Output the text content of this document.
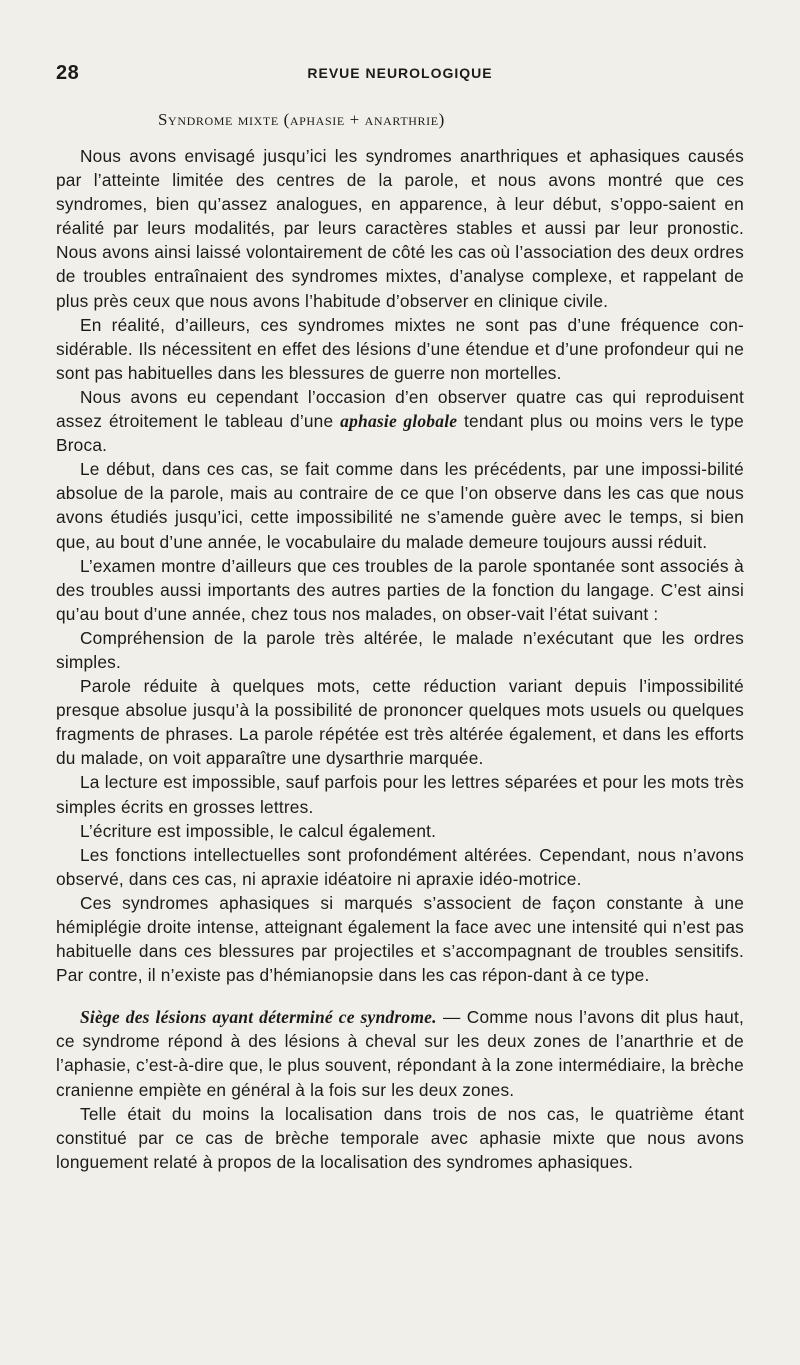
28	REVUE NEUROLOGIQUE
Syndrome mixte (aphasie + anarthrie)

Nous avons envisagé jusqu’ici les syndromes anarthriques et aphasiques causés par l’atteinte limitée des centres de la parole, et nous avons montré que ces syndromes, bien qu’assez analogues, en apparence, à leur début, s’oppo-saient en réalité par leurs modalités, par leurs caractères stables et aussi par leur pronostic. Nous avons ainsi laissé volontairement de côté les cas où l’association des deux ordres de troubles entraînaient des syndromes mixtes, d’analyse complexe, et rappelant de plus près ceux que nous avons l’habitude d’observer en clinique civile.

En réalité, d’ailleurs, ces syndromes mixtes ne sont pas d’une fréquence con-sidérable. Ils nécessitent en effet des lésions d’une étendue et d’une profondeur qui ne sont pas habituelles dans les blessures de guerre non mortelles.

Nous avons eu cependant l’occasion d’en observer quatre cas qui reproduisent assez étroitement le tableau d’une aphasie globale tendant plus ou moins vers le type Broca.

Le début, dans ces cas, se fait comme dans les précédents, par une impossi-bilité absolue de la parole, mais au contraire de ce que l’on observe dans les cas que nous avons étudiés jusqu’ici, cette impossibilité ne s’amende guère avec le temps, si bien que, au bout d’une année, le vocabulaire du malade demeure toujours aussi réduit.

L’examen montre d’ailleurs que ces troubles de la parole spontanée sont associés à des troubles aussi importants des autres parties de la fonction du langage. C’est ainsi qu’au bout d’une année, chez tous nos malades, on obser-vait l’état suivant :

Compréhension de la parole très altérée, le malade n’exécutant que les ordres simples.

Parole réduite à quelques mots, cette réduction variant depuis l’impossibilité presque absolue jusqu’à la possibilité de prononcer quelques mots usuels ou quelques fragments de phrases. La parole répétée est très altérée également, et dans les efforts du malade, on voit apparaître une dysarthrie marquée.

La lecture est impossible, sauf parfois pour les lettres séparées et pour les mots très simples écrits en grosses lettres.

L’écriture est impossible, le calcul également.

Les fonctions intellectuelles sont profondément altérées. Cependant, nous n’avons observé, dans ces cas, ni apraxie idéatoire ni apraxie idéo-motrice.

Ces syndromes aphasiques si marqués s’associent de façon constante à une hémiplégie droite intense, atteignant également la face avec une intensité qui n’est pas habituelle dans ces blessures par projectiles et s’accompagnant de troubles sensitifs. Par contre, il n’existe pas d’hémianopsie dans les cas répon-dant à ce type.

Siège des lésions ayant déterminé ce syndrome. — Comme nous l’avons dit plus haut, ce syndrome répond à des lésions à cheval sur les deux zones de l’anarthrie et de l’aphasie, c’est-à-dire que, le plus souvent, répondant à la zone intermédiaire, la brèche cranienne empiète en général à la fois sur les deux zones.

Telle était du moins la localisation dans trois de nos cas, le quatrième étant constitué par ce cas de brèche temporale avec aphasie mixte que nous avons longuement relaté à propos de la localisation des syndromes aphasiques.
